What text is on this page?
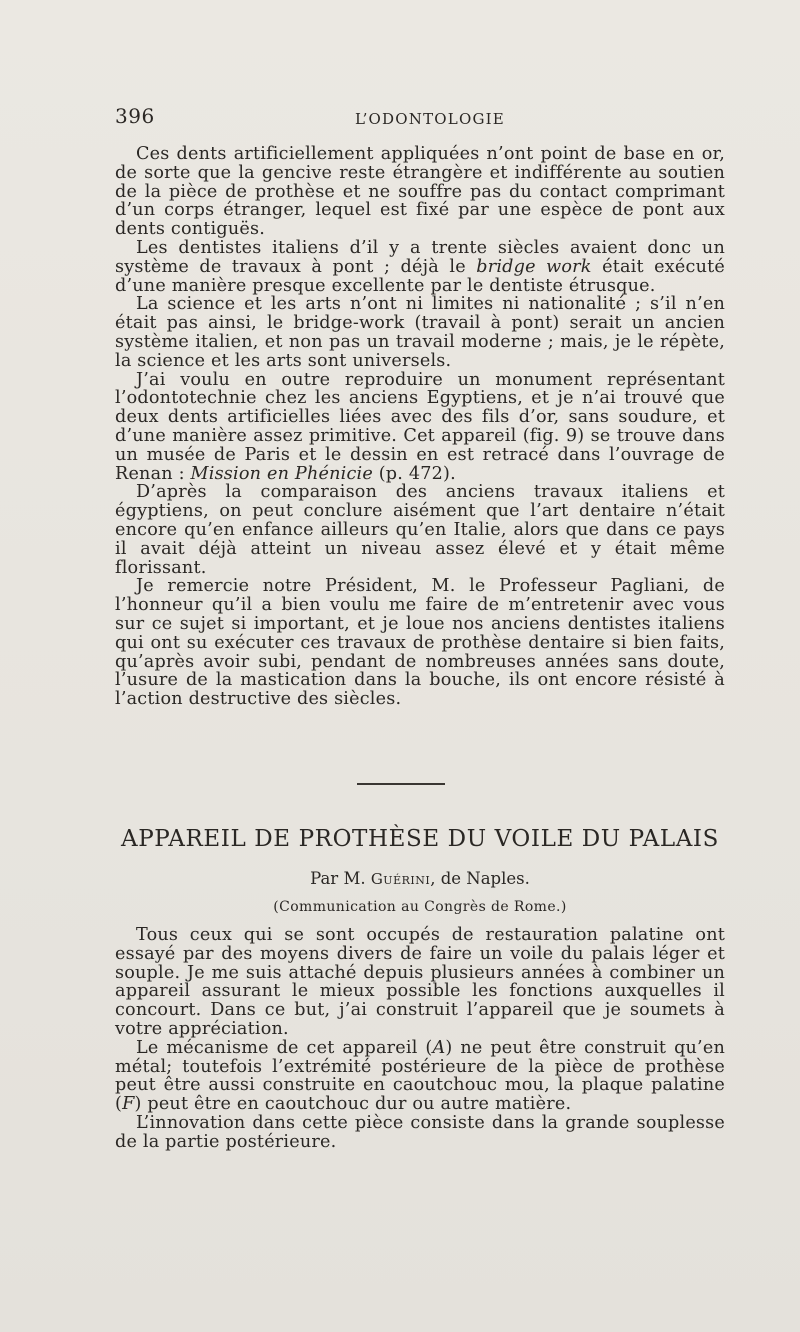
396	L’ODONTOLOGIE

Ces dents artificiellement appliquées n’ont point de base en or, de sorte que la gencive reste étrangère et indifférente au soutien de la pièce de prothèse et ne souffre pas du contact comprimant d’un corps étranger, lequel est fixé par une espèce de pont aux dents contiguës.

Les dentistes italiens d’il y a trente siècles avaient donc un système de travaux à pont ; déjà le bridge work était exécuté d’une manière presque excellente par le dentiste étrusque.

La science et les arts n’ont ni limites ni nationalité ; s’il n’en était pas ainsi, le bridge-work (travail à pont) serait un ancien système italien, et non pas un travail moderne ; mais, je le répète, la science et les arts sont universels.

J’ai voulu en outre reproduire un monument représentant l’odontotechnie chez les anciens Egyptiens, et je n’ai trouvé que deux dents artificielles liées avec des fils d’or, sans soudure, et d’une manière assez primitive. Cet appareil (fig. 9) se trouve dans un musée de Paris et le dessin en est retracé dans l’ouvrage de Renan : Mission en Phénicie (p. 472).

D’après la comparaison des anciens travaux italiens et égyptiens, on peut conclure aisément que l’art dentaire n’était encore qu’en enfance ailleurs qu’en Italie, alors que dans ce pays il avait déjà atteint un niveau assez élevé et y était même florissant.

Je remercie notre Président, M. le Professeur Pagliani, de l’honneur qu’il a bien voulu me faire de m’entretenir avec vous sur ce sujet si important, et je loue nos anciens dentistes italiens qui ont su exécuter ces travaux de prothèse dentaire si bien faits, qu’après avoir subi, pendant de nombreuses années sans doute, l’usure de la mastication dans la bouche, ils ont encore résisté à l’action destructive des siècles.

APPAREIL DE PROTHÈSE DU VOILE DU PALAIS
Par M. Guérini, de Naples.
(Communication au Congrès de Rome.)

Tous ceux qui se sont occupés de restauration palatine ont essayé par des moyens divers de faire un voile du palais léger et souple. Je me suis attaché depuis plusieurs années à combiner un appareil assurant le mieux possible les fonctions auxquelles il concourt. Dans ce but, j’ai construit l’appareil que je soumets à votre appréciation.

Le mécanisme de cet appareil (A) ne peut être construit qu’en métal; toutefois l’extrémité postérieure de la pièce de prothèse peut être aussi construite en caoutchouc mou, la plaque palatine (F) peut être en caoutchouc dur ou autre matière.

L’innovation dans cette pièce consiste dans la grande souplesse de la partie postérieure.
